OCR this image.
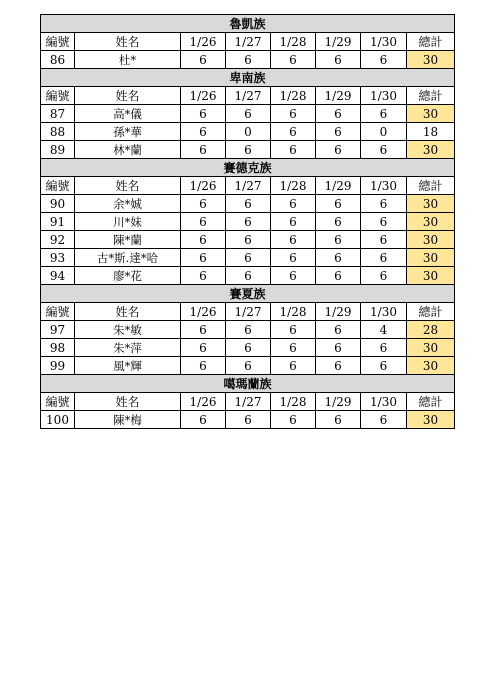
魯凱族							
編號	姓名	1/26	1/27	1/28	1/29	1/30	總計
86	杜*	6	6	6	6	6	30
卑南族							
編號	姓名	1/26	1/27	1/28	1/29	1/30	總計
87	高*儀	6	6	6	6	6	30
88	孫*華	6	0	6	6	0	18
89	林*蘭	6	6	6	6	6	30
賽德克族							
編號	姓名	1/26	1/27	1/28	1/29	1/30	總計
90	余*娍	6	6	6	6	6	30
91	川*妹	6	6	6	6	6	30
92	陳*蘭	6	6	6	6	6	30
93	古*斯.達*哈	6	6	6	6	6	30
94	廖*花	6	6	6	6	6	30
賽夏族							
編號	姓名	1/26	1/27	1/28	1/29	1/30	總計
97	朱*敏	6	6	6	6	4	28
98	朱*萍	6	6	6	6	6	30
99	風*輝	6	6	6	6	6	30
噶瑪蘭族							
編號	姓名	1/26	1/27	1/28	1/29	1/30	總計
100	陳*梅	6	6	6	6	6	30
